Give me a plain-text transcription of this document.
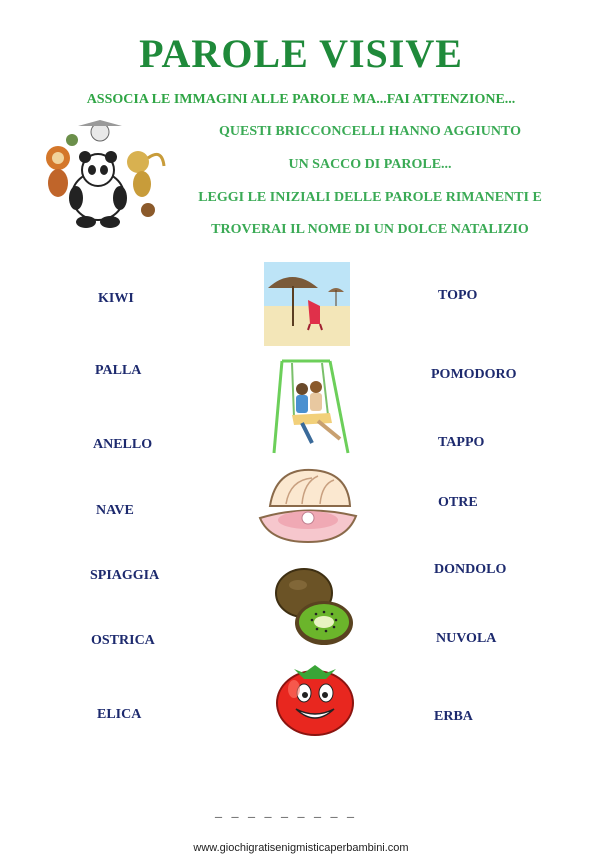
PAROLE VISIVE
ASSOCIA LE IMMAGINI ALLE PAROLE MA...FAI ATTENZIONE...
QUESTI BRICCONCELLI HANNO AGGIUNTO
UN SACCO DI PAROLE...
LEGGI LE INIZIALI DELLE PAROLE RIMANENTI E
TROVERAI IL NOME DI UN DOLCE NATALIZIO
KIWI
PALLA
ANELLO
NAVE
SPIAGGIA
OSTRICA
ELICA
TOPO
POMODORO
TAPPO
OTRE
DONDOLO
NUVOLA
ERBA
_ _ _ _ _ _ _ _ _
www.giochigratisenigmisticaperbambini.com
